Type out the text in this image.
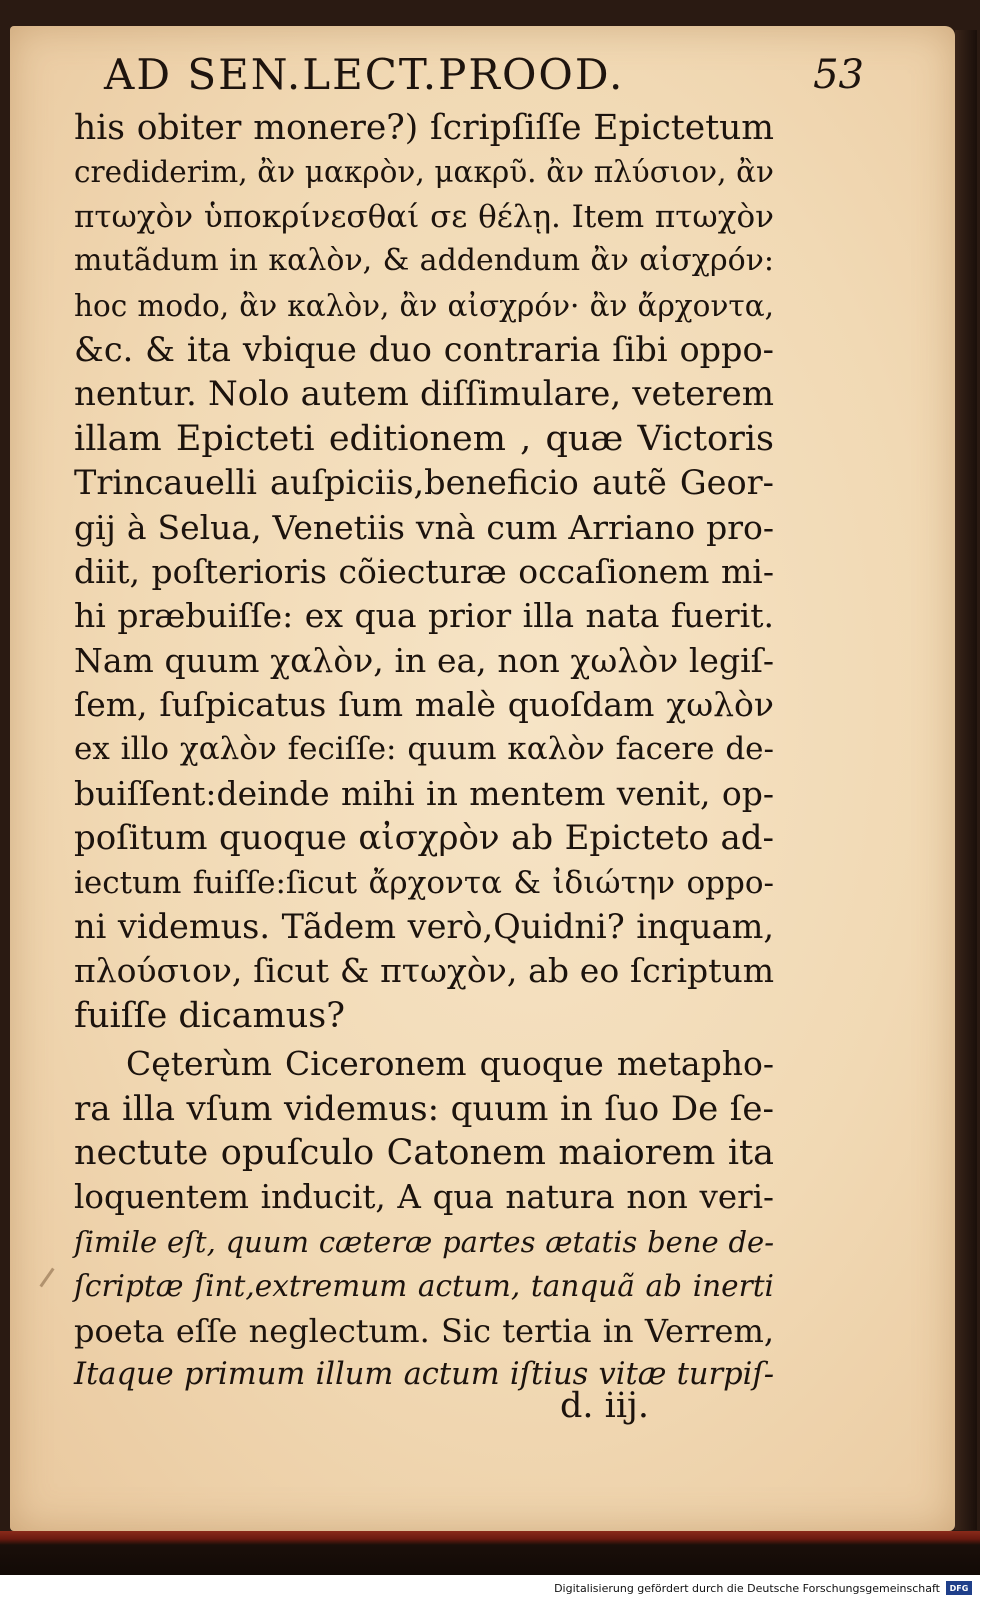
AD SEN.LECT.PROOD.	53
his obiter monere?) ſcripſiſſe Epictetum
crediderim, ἂν μακρὸν, μακρῦ. ἂν πλύσιον, ἂν
πτωχὸν ὑποκρίνεσθαί σε θέλῃ. Item πτωχὸν
mutãdum in καλὸν, & addendum ἂν αἰσχρόν:
hoc modo, ἂν καλὸν, ἂν αἰσχρόν· ἂν ἄρχοντα,
&c. & ita vbique duo contraria ſibi oppo-
nentur. Nolo autem diſſimulare, veterem
illam Epicteti editionem , quæ Victoris
Trincauelli auſpiciis,beneficio autẽ Geor-
gij à Selua, Venetiis vnà cum Arriano pro-
diit, poſterioris cõiecturæ occaſionem mi-
hi præbuiſſe: ex qua prior illa nata fuerit.
Nam quum χαλὸν, in ea, non χωλὸν legiſ-
ſem, ſuſpicatus ſum malè quoſdam χωλὸν
ex illo χαλὸν feciſſe: quum καλὸν facere de-
buiſſent:deinde mihi in mentem venit, op-
poſitum quoque αἰσχρὸν ab Epicteto ad-
iectum fuiſſe:ſicut ἄρχοντα & ἰδιώτην oppo-
ni videmus. Tãdem verò,Quidni? inquam,
πλούσιον, ſicut & πτωχὸν, ab eo ſcriptum
fuiſſe dicamus?
Cęterùm Ciceronem quoque metapho-
ra illa vſum videmus: quum in ſuo De ſe-
nectute opuſculo Catonem maiorem ita
loquentem inducit, A qua natura non veri-
ſimile eſt, quum cæteræ partes ætatis bene de-
ſcriptæ ſint,extremum actum, tanquã ab inerti
poeta eſſe neglectum. Sic tertia in Verrem,
Itaque primum illum actum iſtius vitæ turpiſ-
d. iij.
Digitalisierung gefördert durch die Deutsche Forschungsgemeinschaft	DFG
